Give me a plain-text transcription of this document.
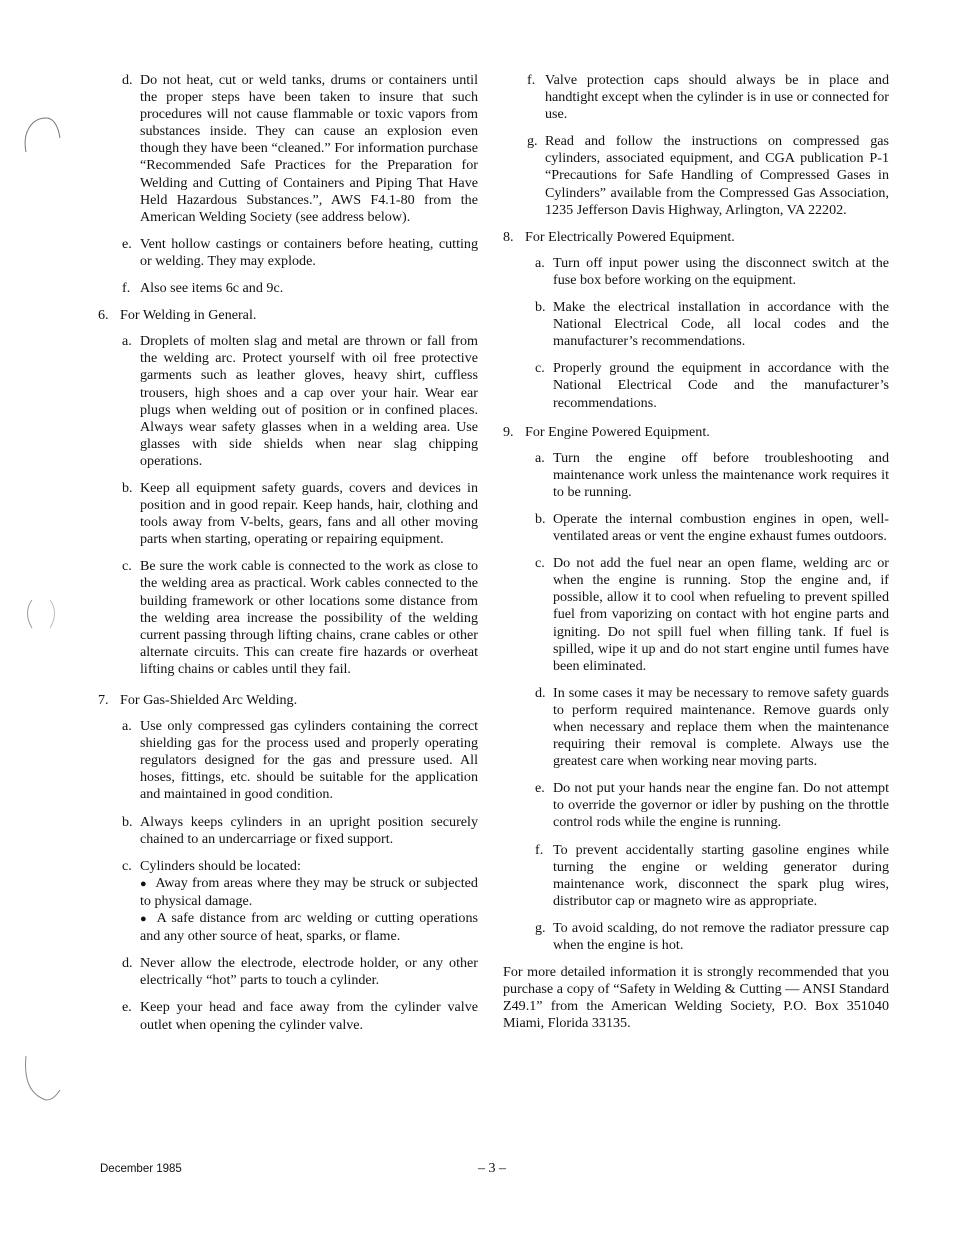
d. Do not heat, cut or weld tanks, drums or containers until the proper steps have been taken to insure that such procedures will not cause flammable or toxic vapors from substances inside. They can cause an explosion even though they have been “cleaned.” For information purchase “Recommended Safe Practices for the Preparation for Welding and Cutting of Containers and Piping That Have Held Hazardous Substances.”, AWS F4.1-80 from the American Welding Society (see address below).
e. Vent hollow castings or containers before heating, cutting or welding. They may explode.
f. Also see items 6c and 9c.
6. For Welding in General.
a. Droplets of molten slag and metal are thrown or fall from the welding arc. Protect yourself with oil free protective garments such as leather gloves, heavy shirt, cuffless trousers, high shoes and a cap over your hair. Wear ear plugs when welding out of position or in confined places. Always wear safety glasses when in a welding area. Use glasses with side shields when near slag chipping operations.
b. Keep all equipment safety guards, covers and devices in position and in good repair. Keep hands, hair, clothing and tools away from V-belts, gears, fans and all other moving parts when starting, operating or repairing equipment.
c. Be sure the work cable is connected to the work as close to the welding area as practical. Work cables connected to the building framework or other locations some distance from the welding area increase the possibility of the welding current passing through lifting chains, crane cables or other alternate circuits. This can create fire hazards or overheat lifting chains or cables until they fail.
7. For Gas-Shielded Arc Welding.
a. Use only compressed gas cylinders containing the correct shielding gas for the process used and properly operating regulators designed for the gas and pressure used. All hoses, fittings, etc. should be suitable for the application and maintained in good condition.
b. Always keeps cylinders in an upright position securely chained to an undercarriage or fixed support.
c. Cylinders should be located:
● Away from areas where they may be struck or subjected to physical damage.
● A safe distance from arc welding or cutting operations and any other source of heat, sparks, or flame.
d. Never allow the electrode, electrode holder, or any other electrically “hot” parts to touch a cylinder.
e. Keep your head and face away from the cylinder valve outlet when opening the cylinder valve.
f. Valve protection caps should always be in place and handtight except when the cylinder is in use or connected for use.
g. Read and follow the instructions on compressed gas cylinders, associated equipment, and CGA publication P-1 “Precautions for Safe Handling of Compressed Gases in Cylinders” available from the Compressed Gas Association, 1235 Jefferson Davis Highway, Arlington, VA 22202.
8. For Electrically Powered Equipment.
a. Turn off input power using the disconnect switch at the fuse box before working on the equipment.
b. Make the electrical installation in accordance with the National Electrical Code, all local codes and the manufacturer’s recommendations.
c. Properly ground the equipment in accordance with the National Electrical Code and the manufacturer’s recommendations.
9. For Engine Powered Equipment.
a. Turn the engine off before troubleshooting and maintenance work unless the maintenance work requires it to be running.
b. Operate the internal combustion engines in open, well-ventilated areas or vent the engine exhaust fumes outdoors.
c. Do not add the fuel near an open flame, welding arc or when the engine is running. Stop the engine and, if possible, allow it to cool when refueling to prevent spilled fuel from vaporizing on contact with hot engine parts and igniting. Do not spill fuel when filling tank. If fuel is spilled, wipe it up and do not start engine until fumes have been eliminated.
d. In some cases it may be necessary to remove safety guards to perform required maintenance. Remove guards only when necessary and replace them when the maintenance requiring their removal is complete. Always use the greatest care when working near moving parts.
e. Do not put your hands near the engine fan. Do not attempt to override the governor or idler by pushing on the throttle control rods while the engine is running.
f. To prevent accidentally starting gasoline engines while turning the engine or welding generator during maintenance work, disconnect the spark plug wires, distributor cap or magneto wire as appropriate.
g. To avoid scalding, do not remove the radiator pressure cap when the engine is hot.
For more detailed information it is strongly recommended that you purchase a copy of “Safety in Welding & Cutting — ANSI Standard Z49.1” from the American Welding Society, P.O. Box 351040 Miami, Florida 33135.
December 1985	– 3 –
